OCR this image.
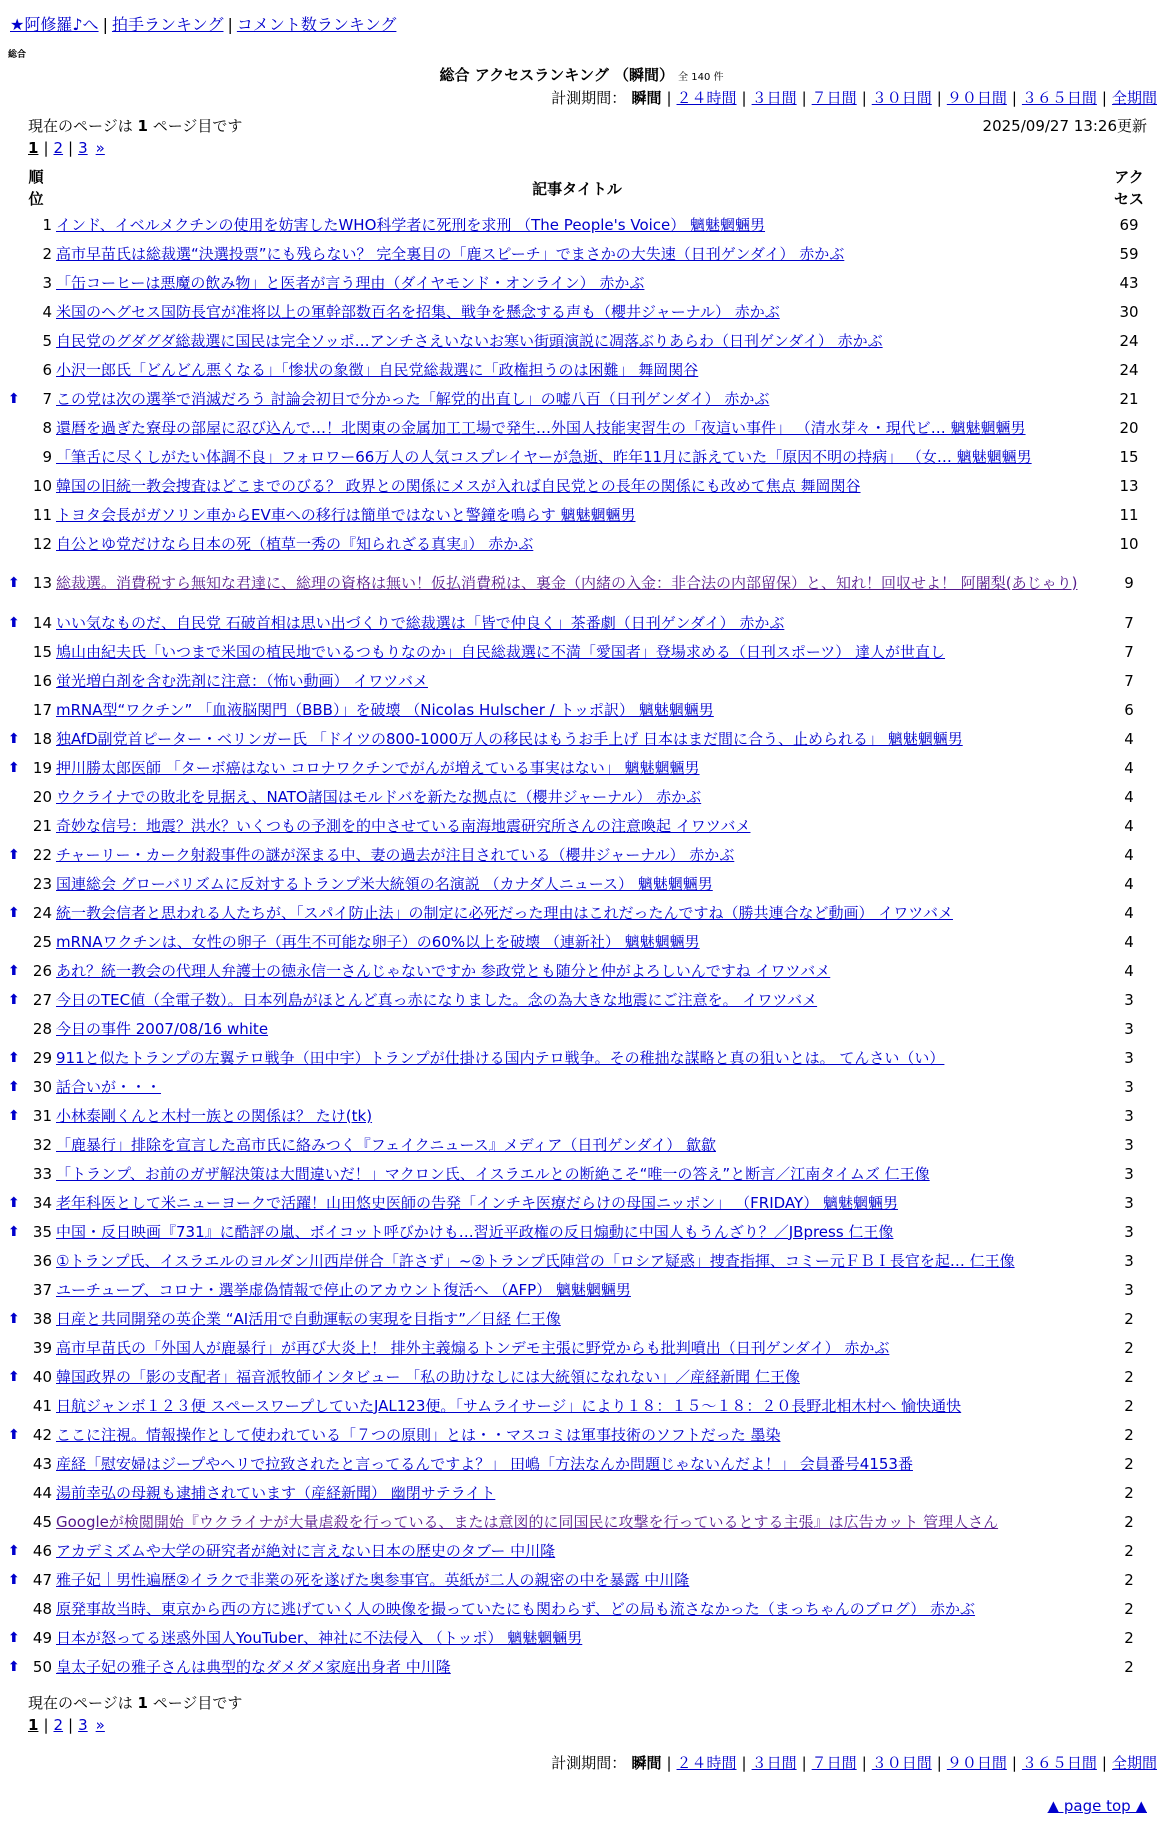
★阿修羅♪へ | 拍手ランキング | コメント数ランキング
総合
総合 アクセスランキング （瞬間） 全 140 件
計測期間： 瞬間 | ２４時間 | ３日間 | ７日間 | ３０日間 | ９０日間 | ３６５日間 | 全期間
現在のページは 1 ページ目です	2025/09/27 13:26更新
1 | 2 | 3 »
順位	記事タイトル	アクセス
1	インド、イベルメクチンの使用を妨害したWHO科学者に死刑を求刑 （The People's Voice） 魑魅魍魎男	69
2	高市早苗氏は総裁選“決選投票”にも残らない？ 完全裏目の「鹿スピーチ」でまさかの大失速（日刊ゲンダイ） 赤かぶ	59
3	「缶コーヒーは悪魔の飲み物」と医者が言う理由（ダイヤモンド・オンライン） 赤かぶ	43
4	米国のヘグセス国防長官が准将以上の軍幹部数百名を招集、戦争を懸念する声も（櫻井ジャーナル） 赤かぶ	30
5	自民党のグダグダ総裁選に国民は完全ソッポ…アンチさえいないお寒い街頭演説に凋落ぶりあらわ（日刊ゲンダイ） 赤かぶ	24
6	小沢一郎氏「どんどん悪くなる」「惨状の象徴」自民党総裁選に「政権担うのは困難」 舞岡関谷	24

⬆ 7	この党は次の選挙で消滅だろう 討論会初日で分かった「解党的出直し」の嘘八百（日刊ゲンダイ） 赤かぶ	21
8	還暦を過ぎた寮母の部屋に忍び込んで…！北関東の金属加工工場で発生…外国人技能実習生の「夜這い事件」 （清水芽々・現代ビ… 魑魅魍魎男	20
9	「筆舌に尽くしがたい体調不良」フォロワー66万人の人気コスプレイヤーが急逝、昨年11月に訴えていた「原因不明の持病」 （女… 魑魅魍魎男	15
10	韓国の旧統一教会捜査はどこまでのびる？ 政界との関係にメスが入れば自民党との長年の関係にも改めて焦点 舞岡関谷	13
11	トヨタ会長がガソリン車からEV車への移行は簡単ではないと警鐘を鳴らす 魑魅魍魎男	11
12	自公とゆ党だけなら日本の死（植草一秀の『知られざる真実』） 赤かぶ	10

⬆ 13	総裁選。消費税すら無知な君達に、総理の資格は無い！仮払消費税は、裏金（内緒の入金：非合法の内部留保）と、知れ！回収せよ！ 阿闍梨(あじゃり)	9

⬆ 14	いい気なものだ、自民党 石破首相は思い出づくりで総裁選は「皆で仲良く」茶番劇（日刊ゲンダイ） 赤かぶ	7
15	鳩山由紀夫氏「いつまで米国の植民地でいるつもりなのか」自民総裁選に不満「愛国者」登場求める（日刊スポーツ） 達人が世直し	7
16	蛍光増白剤を含む洗剤に注意：（怖い動画） イワツバメ	7
17	mRNA型“ワクチン” 「血液脳関門（BBB）」を破壊 （Nicolas Hulscher / トッポ訳） 魑魅魍魎男	6

⬆ 18	独AfD副党首ピーター・ベリンガー氏 「ドイツの800-1000万人の移民はもうお手上げ 日本はまだ間に合う、止められる」 魑魅魍魎男	4

⬆ 19	押川勝太郎医師 「ターボ癌はない コロナワクチンでがんが増えている事実はない」 魑魅魍魎男	4
20	ウクライナでの敗北を見据え、NATO諸国はモルドバを新たな拠点に（櫻井ジャーナル） 赤かぶ	4
21	奇妙な信号：地震？洪水？いくつもの予測を的中させている南海地震研究所さんの注意喚起 イワツバメ	4

⬆ 22	チャーリー・カーク射殺事件の謎が深まる中、妻の過去が注目されている（櫻井ジャーナル） 赤かぶ	4
23	国連総会 グローバリズムに反対するトランプ米大統領の名演説 （カナダ人ニュース） 魑魅魍魎男	4

⬆ 24	統一教会信者と思われる人たちが、「スパイ防止法」の制定に必死だった理由はこれだったんですね（勝共連合など動画） イワツバメ	4
25	mRNAワクチンは、女性の卵子（再生不可能な卵子）の60%以上を破壊 （連新社） 魑魅魍魎男	4

⬆ 26	あれ？統一教会の代理人弁護士の徳永信一さんじゃないですか 参政党とも随分と仲がよろしいんですね イワツバメ	4

⬆ 27	今日のTEC値（全電子数）。日本列島がほとんど真っ赤になりました。念の為大きな地震にご注意を。 イワツバメ	3
28	今日の事件 2007/08/16 white	3

⬆ 29	911と似たトランプの左翼テロ戦争（田中宇）トランプが仕掛ける国内テロ戦争。その稚拙な謀略と真の狙いとは。 てんさい（い）	3

⬆ 30	話合いが・・・	3

⬆ 31	小林泰剛くんと木村一族との関係は？ たけ(tk)	3
32	「鹿暴行」排除を宣言した高市氏に絡みつく『フェイクニュース』メディア（日刊ゲンダイ） 歙歙	3
33	「トランプ、お前のガザ解決策は大間違いだ！」マクロン氏、イスラエルとの断絶こそ“唯一の答え”と断言／江南タイムズ 仁王像	3

⬆ 34	老年科医として米ニューヨークで活躍！山田悠史医師の告発「インチキ医療だらけの母国ニッポン」 （FRIDAY） 魑魅魍魎男	3

⬆ 35	中国・反日映画『731』に酷評の嵐、ボイコット呼びかけも…習近平政権の反日煽動に中国人もうんざり？／JBpress 仁王像	3
36	①トランプ氏、イスラエルのヨルダン川西岸併合「許さず」~②トランプ氏陣営の「ロシア疑惑」捜査指揮、コミー元ＦＢＩ長官を起… 仁王像	3
37	ユーチューブ、コロナ・選挙虚偽情報で停止のアカウント復活へ （AFP） 魑魅魍魎男	3

⬆ 38	日産と共同開発の英企業 “AI活用で自動運転の実現を目指す”／日経 仁王像	2
39	高市早苗氏の「外国人が鹿暴行」が再び大炎上！ 排外主義煽るトンデモ主張に野党からも批判噴出（日刊ゲンダイ） 赤かぶ	2

⬆ 40	韓国政界の「影の支配者」福音派牧師インタビュー 「私の助けなしには大統領になれない」／産経新聞 仁王像	2
41	日航ジャンボ１２３便 スペースワープしていたJAL123便。「サムライサージ」により１８：１５〜１８：２０長野北相木村へ 愉快通快	2

⬆ 42	ここに注視。情報操作として使われている「７つの原則」とは・・マスコミは軍事技術のソフトだった 墨染	2
43	産経「慰安婦はジープやヘリで拉致されたと言ってるんですよ？」 田嶋「方法なんか問題じゃないんだよ！」 会員番号4153番	2
44	湯前幸弘の母親も逮捕されています（産経新聞） 幽閉サテライト	2
45	Googleが検閲開始『ウクライナが大量虐殺を行っている、または意図的に同国民に攻撃を行っているとする主張』は広告カット 管理人さん	2

⬆ 46	アカデミズムや大学の研究者が絶対に言えない日本の歴史のタブー 中川隆	2

⬆ 47	雅子妃｜男性遍歴②イラクで非業の死を遂げた奥参事官。英紙が二人の親密の中を暴露 中川隆	2
48	原発事故当時、東京から西の方に逃げていく人の映像を撮っていたにも関わらず、どの局も流さなかった（まっちゃんのブログ） 赤かぶ	2

⬆ 49	日本が怒ってる迷惑外国人YouTuber、神社に不法侵入 （トッポ） 魑魅魍魎男	2

⬆ 50	皇太子妃の雅子さんは典型的なダメダメ家庭出身者 中川隆	2
現在のページは 1 ページ目です
1 | 2 | 3 »
計測期間： 瞬間 | ２４時間 | ３日間 | ７日間 | ３０日間 | ９０日間 | ３６５日間 | 全期間
▲ page top ▲
